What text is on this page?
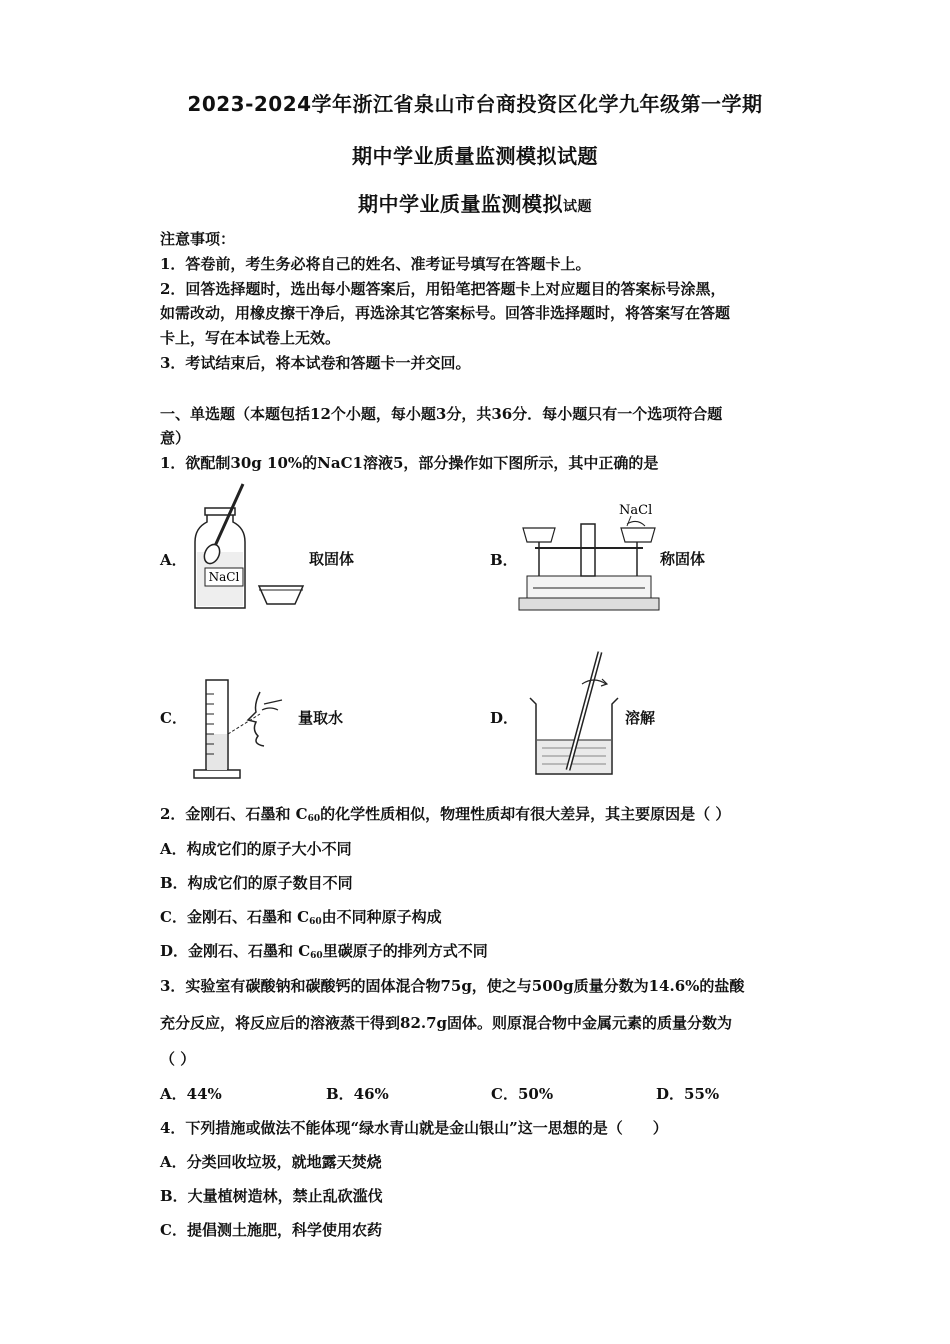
2023-2024学年浙江省泉山市台商投资区化学九年级第一学期
期中学业质量监测模拟试题
期中学业质量监测模拟试题
注意事项：
1．答卷前，考生务必将自己的姓名、准考证号填写在答题卡上。
2．回答选择题时，选出每小题答案后，用铅笔把答题卡上对应题目的答案标号涂黑，
如需改动，用橡皮擦干净后，再选涂其它答案标号。回答非选择题时，将答案写在答题
卡上，写在本试卷上无效。
3．考试结束后，将本试卷和答题卡一并交回。
一、单选题（本题包括12个小题，每小题3分，共36分．每小题只有一个选项符合题
意）
1．欲配制30g 10%的NaC1溶液5，部分操作如下图所示，其中正确的是
A．
NaCl
取固体	B．
NaCl
称固体
C．	量取水	D．	溶解
2．金刚石、石墨和 $C_{60}$的化学性质相似，物理性质却有很大差异，其主要原因是（ ）
A．构成它们的原子大小不同
B．构成它们的原子数目不同
C．金刚石、石墨和 $C_{60}$由不同种原子构成
D．金刚石、石墨和 $C_{60}$里碳原子的排列方式不同
3．实验室有碳酸钠和碳酸钙的固体混合物75g，使之与500g质量分数为14.6%的盐酸
充分反应，将反应后的溶液蒸干得到82.7g固体。则原混合物中金属元素的质量分数为
（ ）
A．44%	B．46%	C．50%	D．55%
4．下列措施或做法不能体现“绿水青山就是金山银山”这一思想的是（　　）
A．分类回收垃圾，就地露天焚烧
B．大量植树造林，禁止乱砍滥伐
C．提倡测土施肥，科学使用农药
